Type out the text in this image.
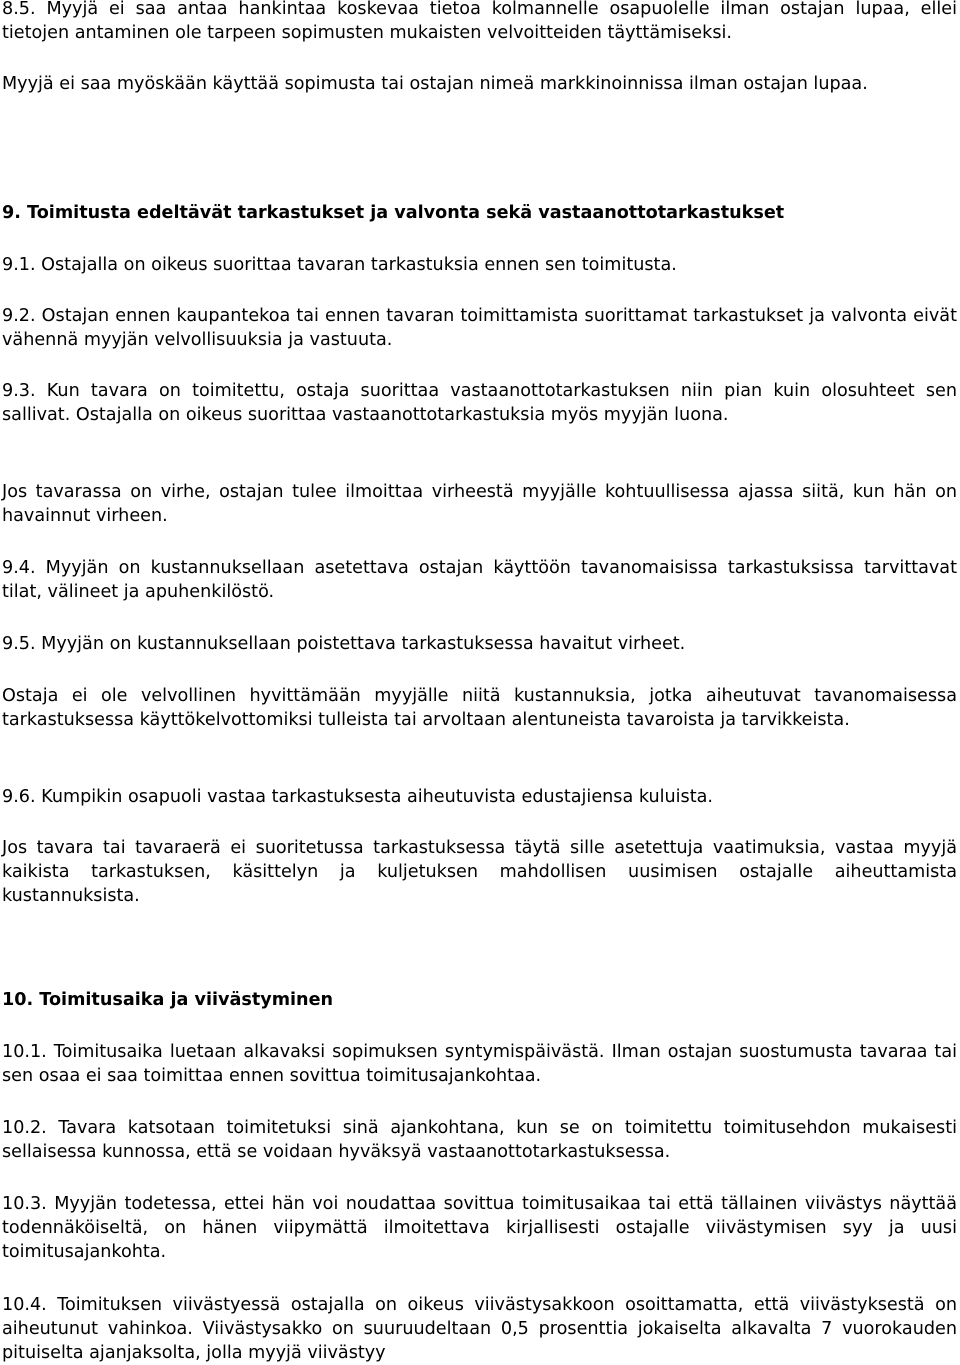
8.5. Myyjä ei saa antaa hankintaa koskevaa tietoa kolmannelle osapuolelle ilman ostajan lupaa, ellei tietojen antaminen ole tarpeen sopimusten mukaisten velvoitteiden täyttämiseksi.

Myyjä ei saa myöskään käyttää sopimusta tai ostajan nimeä markkinoinnissa ilman ostajan lupaa.

9. Toimitusta edeltävät tarkastukset ja valvonta sekä vastaanottotarkastukset

9.1. Ostajalla on oikeus suorittaa tavaran tarkastuksia ennen sen toimitusta.

9.2. Ostajan ennen kaupantekoa tai ennen tavaran toimittamista suorittamat tarkastukset ja valvonta eivät vähennä myyjän velvollisuuksia ja vastuuta.

9.3. Kun tavara on toimitettu, ostaja suorittaa vastaanottotarkastuksen niin pian kuin olosuhteet sen sallivat. Ostajalla on oikeus suorittaa vastaanottotarkastuksia myös myyjän luona.

Jos tavarassa on virhe, ostajan tulee ilmoittaa virheestä myyjälle kohtuullisessa ajassa siitä, kun hän on havainnut virheen.

9.4. Myyjän on kustannuksellaan asetettava ostajan käyttöön tavanomaisissa tarkastuksissa tarvittavat tilat, välineet ja apuhenkilöstö.

9.5. Myyjän on kustannuksellaan poistettava tarkastuksessa havaitut virheet.

Ostaja ei ole velvollinen hyvittämään myyjälle niitä kustannuksia, jotka aiheutuvat tavanomaisessa tarkastuksessa käyttökelvottomiksi tulleista tai arvoltaan alentuneista tavaroista ja tarvikkeista.

9.6. Kumpikin osapuoli vastaa tarkastuksesta aiheutuvista edustajiensa kuluista.

Jos tavara tai tavaraerä ei suoritetussa tarkastuksessa täytä sille asetettuja vaatimuksia, vastaa myyjä kaikista tarkastuksen, käsittelyn ja kuljetuksen mahdollisen uusimisen ostajalle aiheuttamista kustannuksista.

10. Toimitusaika ja viivästyminen

10.1. Toimitusaika luetaan alkavaksi sopimuksen syntymispäivästä. Ilman ostajan suostumusta tavaraa tai sen osaa ei saa toimittaa ennen sovittua toimitusajankohtaa.

10.2. Tavara katsotaan toimitetuksi sinä ajankohtana, kun se on toimitettu toimitusehdon mukaisesti sellaisessa kunnossa, että se voidaan hyväksyä vastaanottotarkastuksessa.

10.3. Myyjän todetessa, ettei hän voi noudattaa sovittua toimitusaikaa tai että tällainen viivästys näyttää todennäköiseltä, on hänen viipymättä ilmoitettava kirjallisesti ostajalle viivästymisen syy ja uusi toimitusajankohta.

10.4. Toimituksen viivästyessä ostajalla on oikeus viivästysakkoon osoittamatta, että viivästyksestä on aiheutunut vahinkoa. Viivästysakko on suuruudeltaan 0,5 prosenttia jokaiselta alkavalta 7 vuorokauden pituiselta ajanjaksolta, jolla myyjä viivästyy
